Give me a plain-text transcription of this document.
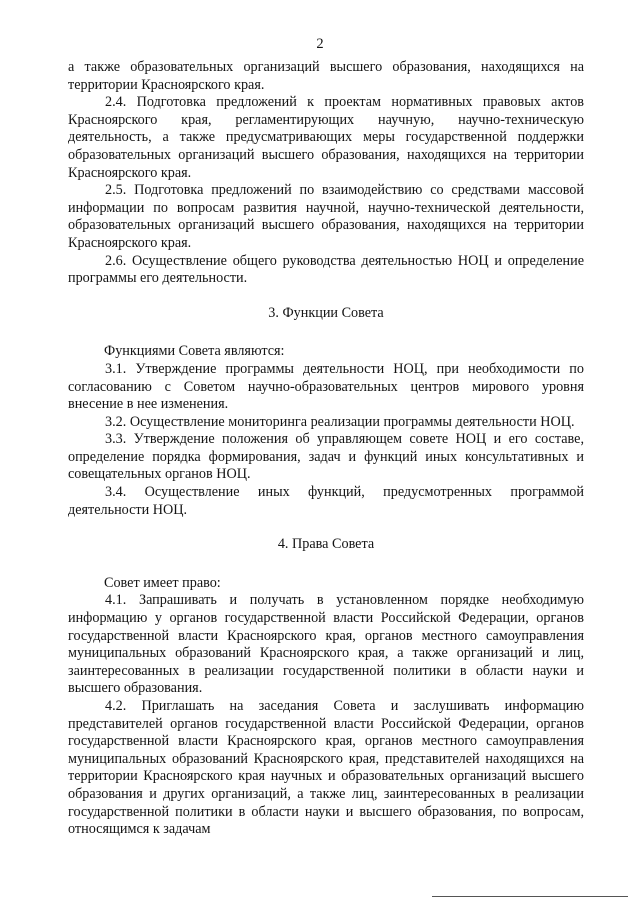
2

а также образовательных организаций высшего образования, находящихся на территории Красноярского края.

2.4. Подготовка предложений к проектам нормативных правовых актов Красноярского края, регламентирующих научную, научно-техническую деятельность, а также предусматривающих меры государственной поддержки образовательных организаций высшего образования, находящихся на территории Красноярского края.

2.5. Подготовка предложений по взаимодействию со средствами массовой информации по вопросам развития научной, научно-технической деятельности, образовательных организаций высшего образования, находящихся на территории Красноярского края.

2.6. Осуществление общего руководства деятельностью НОЦ и определение программы его деятельности.

3. Функции Совета

Функциями Совета являются:

3.1. Утверждение программы деятельности НОЦ, при необходимости по согласованию с Советом научно-образовательных центров мирового уровня внесение в нее изменения.

3.2. Осуществление мониторинга реализации программы деятельности НОЦ.

3.3. Утверждение положения об управляющем совете НОЦ и его составе, определение порядка формирования, задач и функций иных консультативных и совещательных органов НОЦ.

3.4. Осуществление иных функций, предусмотренных программой деятельности НОЦ.

4. Права Совета

Совет имеет право:

4.1. Запрашивать и получать в установленном порядке необходимую информацию у органов государственной власти Российской Федерации, органов государственной власти Красноярского края, органов местного самоуправления муниципальных образований Красноярского края, а также организаций и лиц, заинтересованных в реализации государственной политики в области науки и высшего образования.

4.2. Приглашать на заседания Совета и заслушивать информацию представителей органов государственной власти Российской Федерации, органов государственной власти Красноярского края, органов местного самоуправления муниципальных образований Красноярского края, представителей находящихся на территории Красноярского края научных и образовательных организаций высшего образования и других организаций, а также лиц, заинтересованных в реализации государственной политики в области науки и высшего образования, по вопросам, относящимся к задачам
